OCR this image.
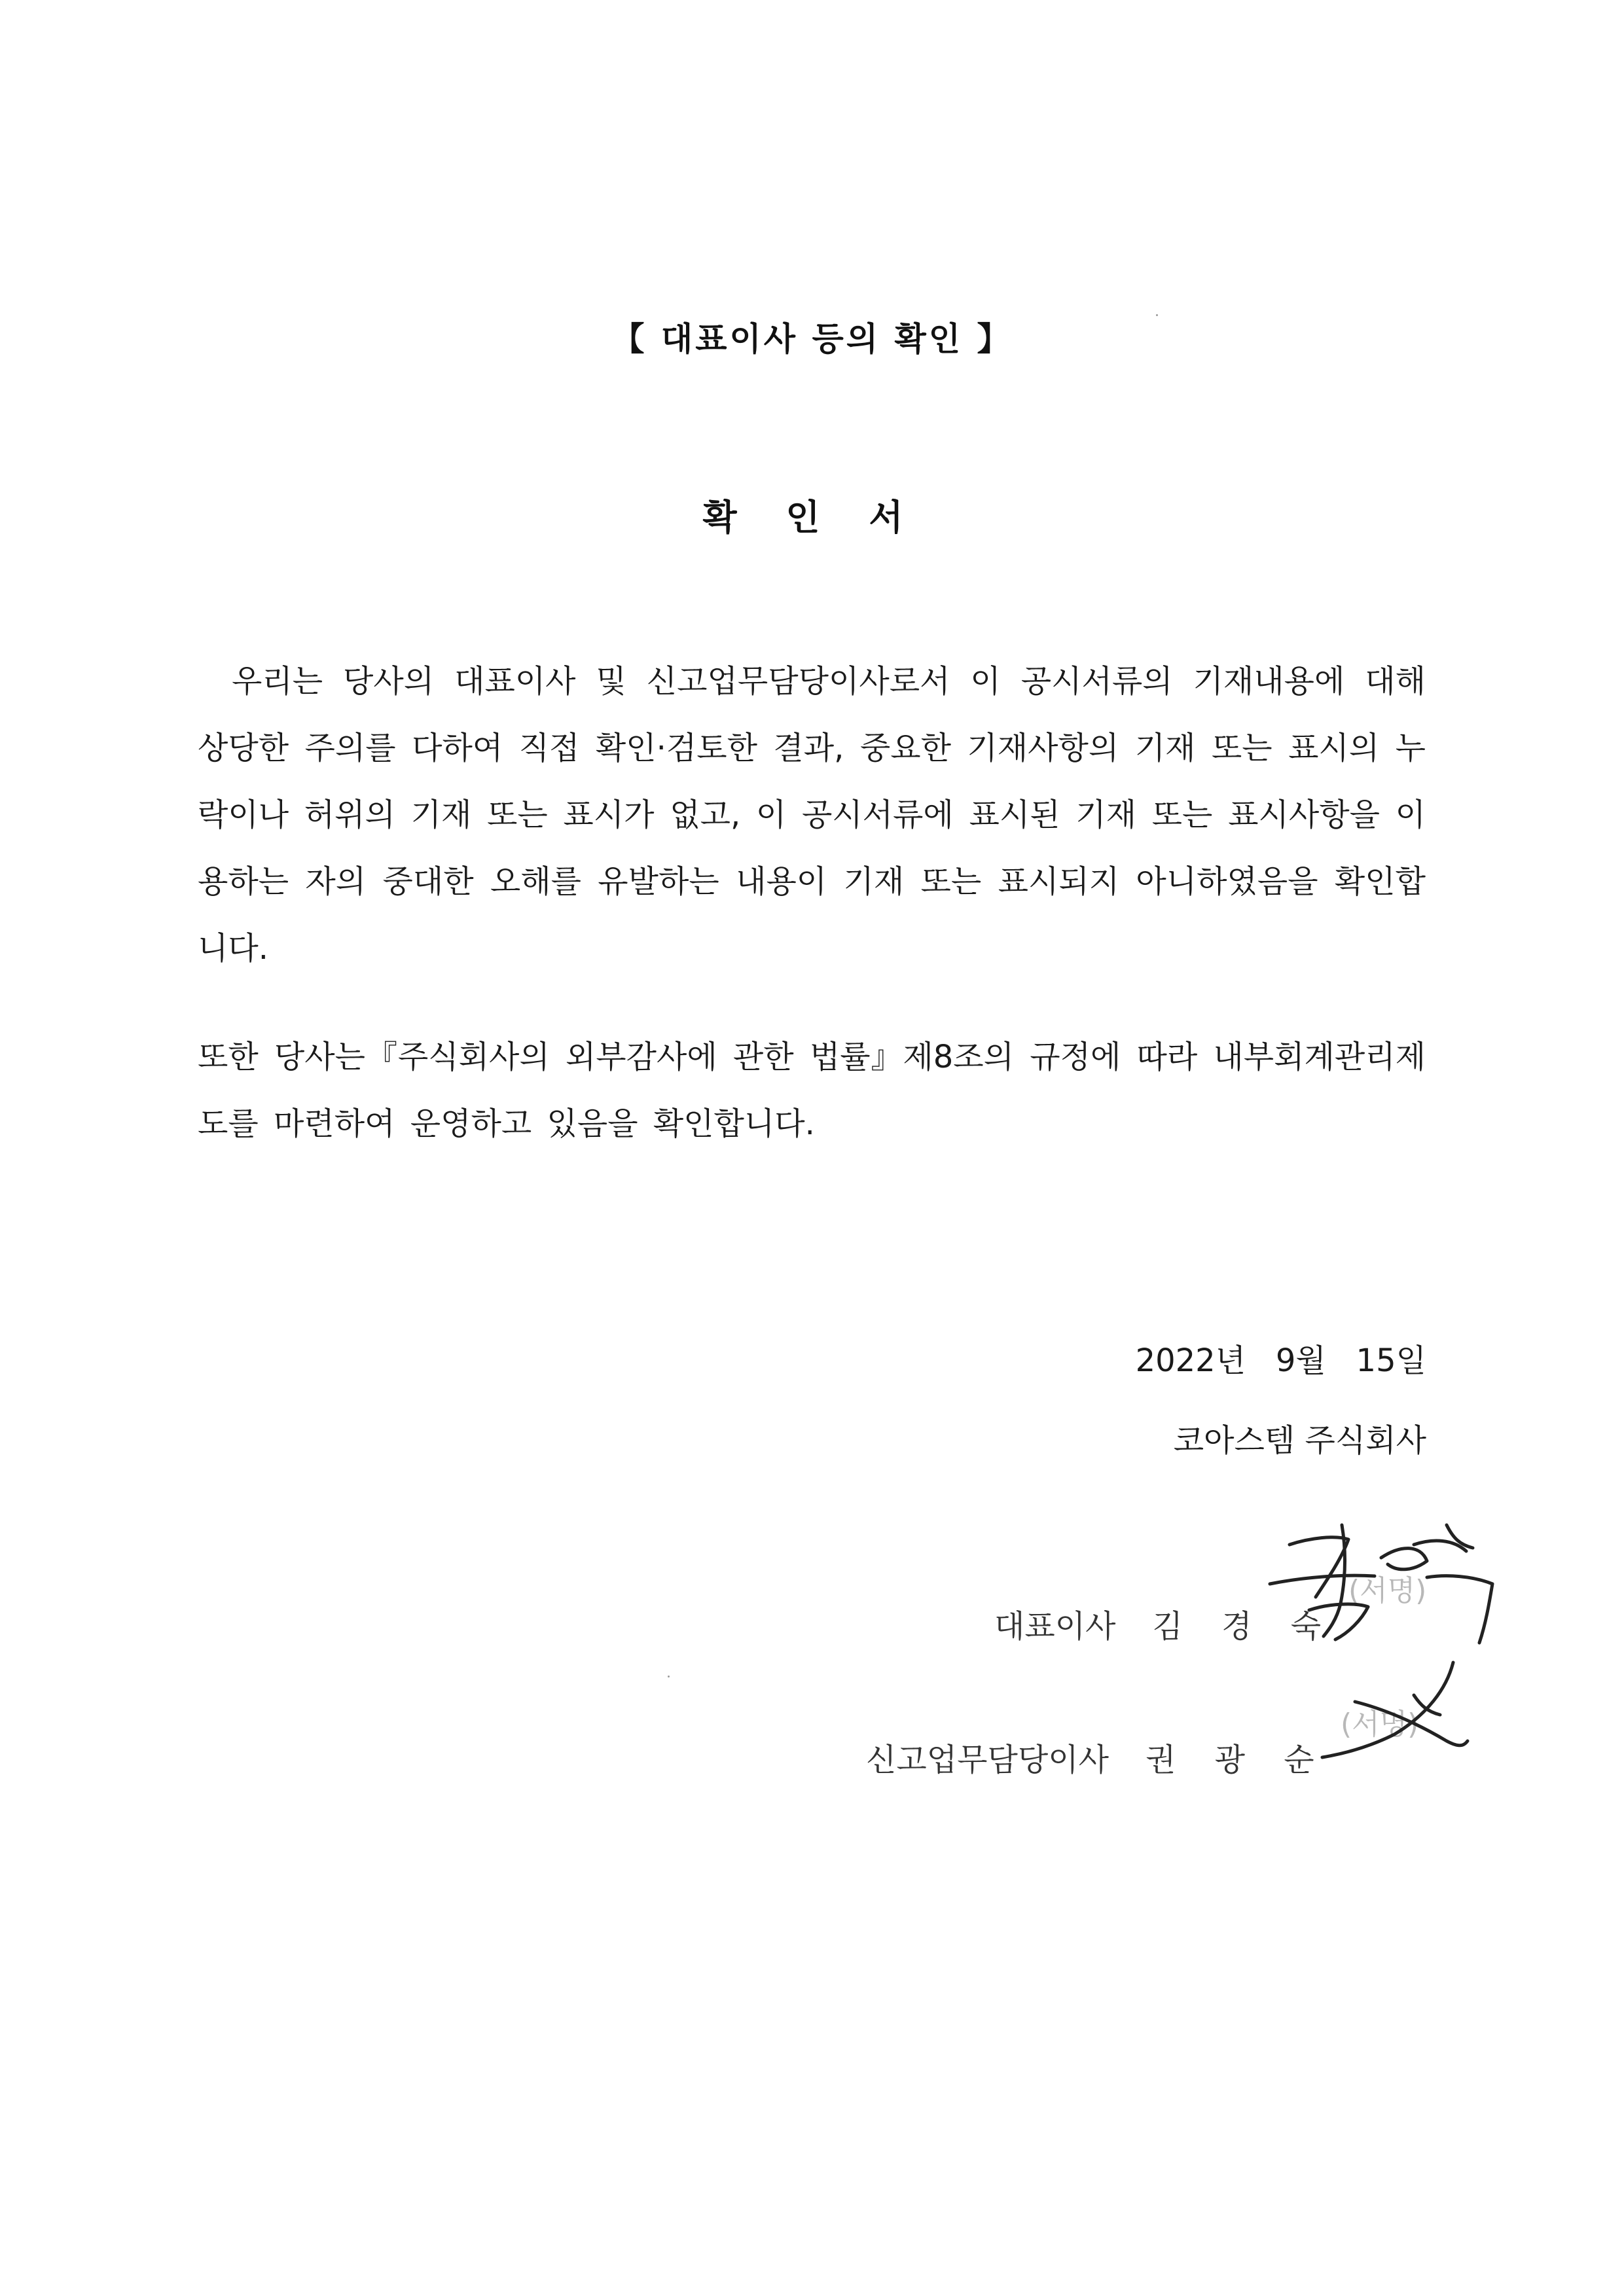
【 대표이사 등의 확인 】
확 인 서
우리는 당사의 대표이사 및 신고업무담당이사로서 이 공시서류의 기재내용에 대해 상당한 주의를 다하여 직접 확인·검토한 결과, 중요한 기재사항의 기재 또는 표시의 누락이나 허위의 기재 또는 표시가 없고, 이 공시서류에 표시된 기재 또는 표시사항을 이용하는 자의 중대한 오해를 유발하는 내용이 기재 또는 표시되지 아니하였음을 확인합니다.
또한 당사는『주식회사의 외부감사에 관한 법률』제8조의 규정에 따라 내부회계관리제도를 마련하여 운영하고 있음을 확인합니다.
2022년   9월   15일
코아스템 주식회사

대표이사 김 경 숙

(서명)

신고업무담당이사 권 광 순

(서명)
